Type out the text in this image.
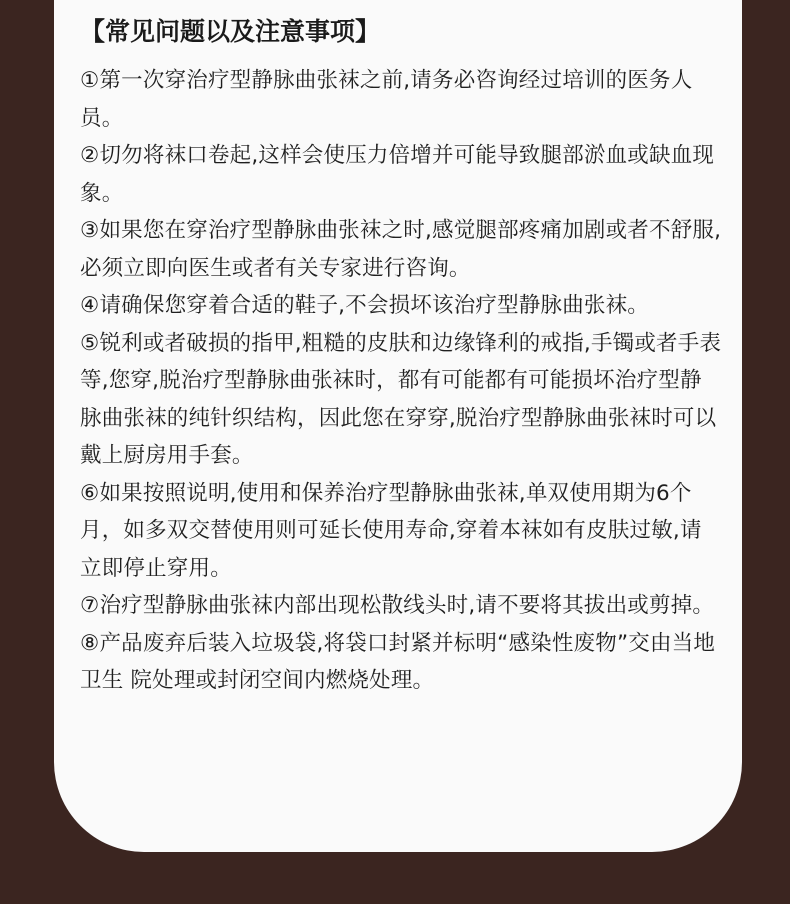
【常见问题以及注意事项】
①第一次穿治疗型静脉曲张袜之前,请务必咨询经过培训的医务人员。
②切勿将袜口卷起,这样会使压力倍增并可能导致腿部淤血或缺血现象。
③如果您在穿治疗型静脉曲张袜之时,感觉腿部疼痛加剧或者不舒服,必须立即向医生或者有关专家进行咨询。
④请确保您穿着合适的鞋子,不会损坏该治疗型静脉曲张袜。
⑤锐利或者破损的指甲,粗糙的皮肤和边缘锋利的戒指,手镯或者手表等,您穿,脱治疗型静脉曲张袜时，都有可能都有可能损坏治疗型静脉曲张袜的纯针织结构，因此您在穿穿,脱治疗型静脉曲张袜时可以戴上厨房用手套。
⑥如果按照说明,使用和保养治疗型静脉曲张袜,单双使用期为6个月，如多双交替使用则可延长使用寿命,穿着本袜如有皮肤过敏,请立即停止穿用。
⑦治疗型静脉曲张袜内部出现松散线头时,请不要将其拔出或剪掉。
⑧产品废弃后装入垃圾袋,将袋口封紧并标明“感染性废物”交由当地卫生 院处理或封闭空间内燃烧处理。
